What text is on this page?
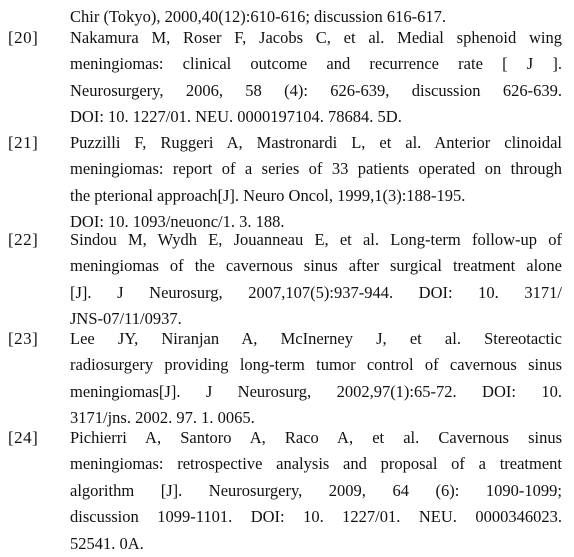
Chir (Tokyo), 2000,40(12):610-616; discussion 616-617.
[20] Nakamura M, Roser F, Jacobs C, et al. Medial sphenoid wing
meningiomas: clinical outcome and recurrence rate [ J ].
Neurosurgery, 2006, 58 (4): 626-639, discussion 626-639.
DOI: 10. 1227/01. NEU. 0000197104. 78684. 5D.
[21] Puzzilli F, Ruggeri A, Mastronardi L, et al. Anterior clinoidal
meningiomas: report of a series of 33 patients operated on through
the pterional approach[J]. Neuro Oncol, 1999,1(3):188-195.
DOI: 10. 1093/neuonc/1. 3. 188.
[22] Sindou M, Wydh E, Jouanneau E, et al. Long-term follow-up of
meningiomas of the cavernous sinus after surgical treatment alone
[J]. J Neurosurg, 2007,107(5):937-944. DOI: 10. 3171/
JNS-07/11/0937.
[23] Lee JY, Niranjan A, McInerney J, et al. Stereotactic
radiosurgery providing long-term tumor control of cavernous sinus
meningiomas[J]. J Neurosurg, 2002,97(1):65-72. DOI: 10.
3171/jns. 2002. 97. 1. 0065.
[24] Pichierri A, Santoro A, Raco A, et al. Cavernous sinus
meningiomas: retrospective analysis and proposal of a treatment
algorithm [J]. Neurosurgery, 2009, 64 (6): 1090-1099;
discussion 1099-1101. DOI: 10. 1227/01. NEU. 0000346023.
52541. 0A.
